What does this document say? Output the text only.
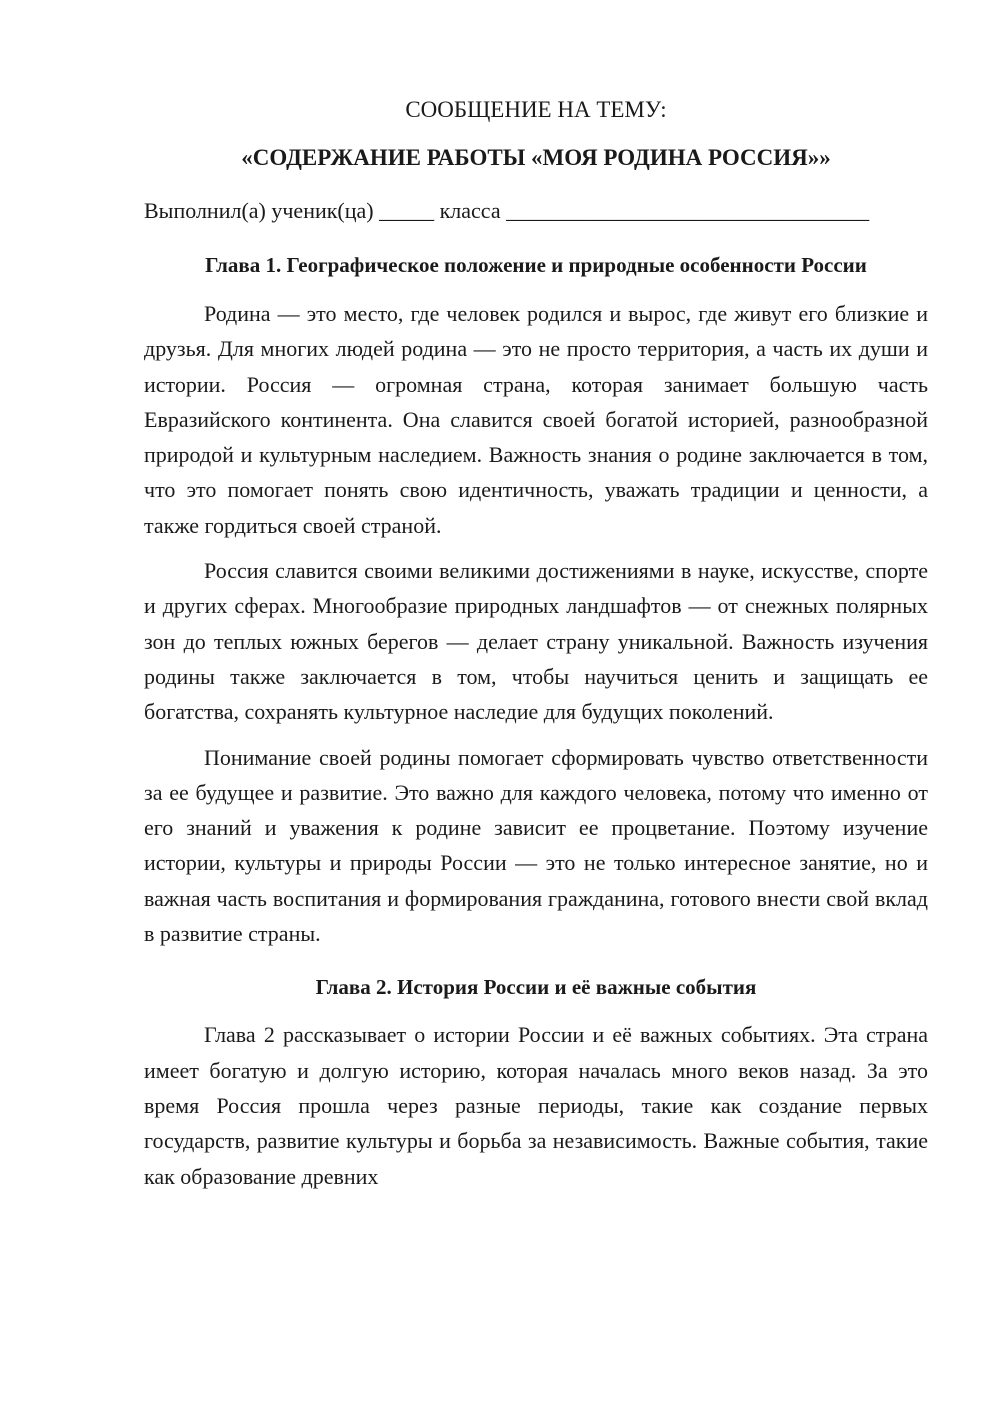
СООБЩЕНИЕ НА ТЕМУ:

«СОДЕРЖАНИЕ РАБОТЫ «МОЯ РОДИНА РОССИЯ»»

Выполнил(а) ученик(ца) _____ класса _________________________________
Глава 1. Географическое положение и природные особенности России

Родина — это место, где человек родился и вырос, где живут его близкие и друзья. Для многих людей родина — это не просто территория, а часть их души и истории. Россия — огромная страна, которая занимает большую часть Евразийского континента. Она славится своей богатой историей, разнообразной природой и культурным наследием. Важность знания о родине заключается в том, что это помогает понять свою идентичность, уважать традиции и ценности, а также гордиться своей страной.

Россия славится своими великими достижениями в науке, искусстве, спорте и других сферах. Многообразие природных ландшафтов — от снежных полярных зон до теплых южных берегов — делает страну уникальной. Важность изучения родины также заключается в том, чтобы научиться ценить и защищать ее богатства, сохранять культурное наследие для будущих поколений.

Понимание своей родины помогает сформировать чувство ответственности за ее будущее и развитие. Это важно для каждого человека, потому что именно от его знаний и уважения к родине зависит ее процветание. Поэтому изучение истории, культуры и природы России — это не только интересное занятие, но и важная часть воспитания и формирования гражданина, готового внести свой вклад в развитие страны.

Глава 2. История России и её важные события

Глава 2 рассказывает о истории России и её важных событиях. Эта страна имеет богатую и долгую историю, которая началась много веков назад. За это время Россия прошла через разные периоды, такие как создание первых государств, развитие культуры и борьба за независимость. Важные события, такие как образование древних
